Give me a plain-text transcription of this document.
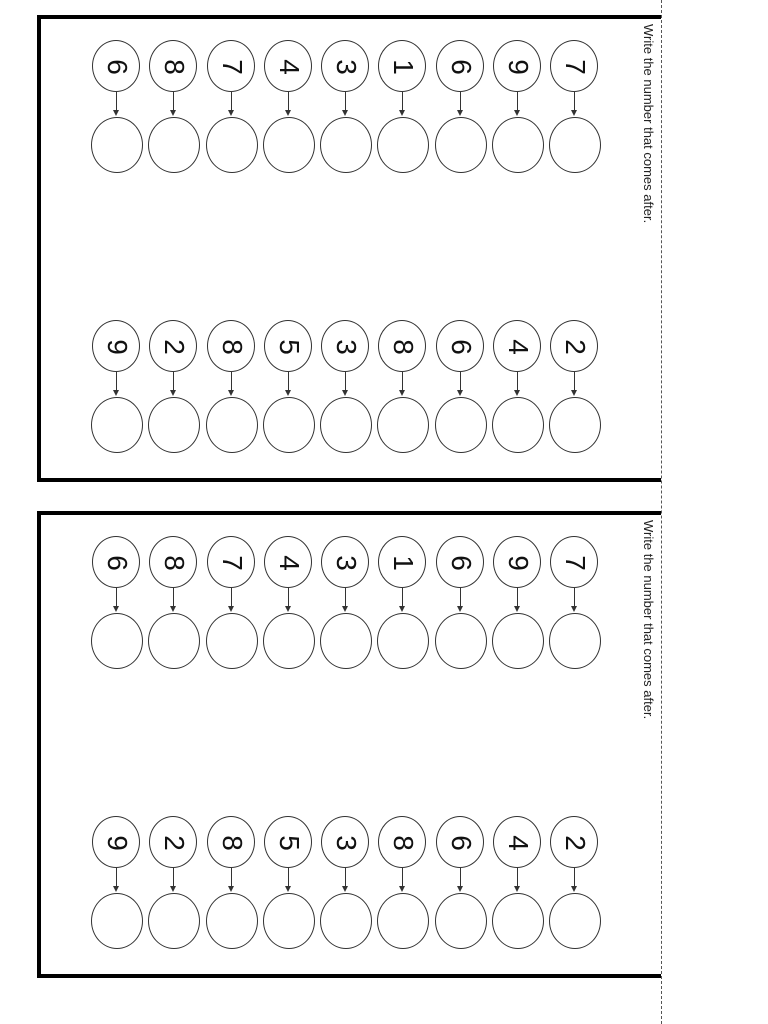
Write the number that comes after.
Write the number that comes after.
7
9
6
1
3
4
7
8
6
2
4
6
8
3
5
8
2
9
7
9
6
1
3
4
7
8
6
2
4
6
8
3
5
8
2
9
